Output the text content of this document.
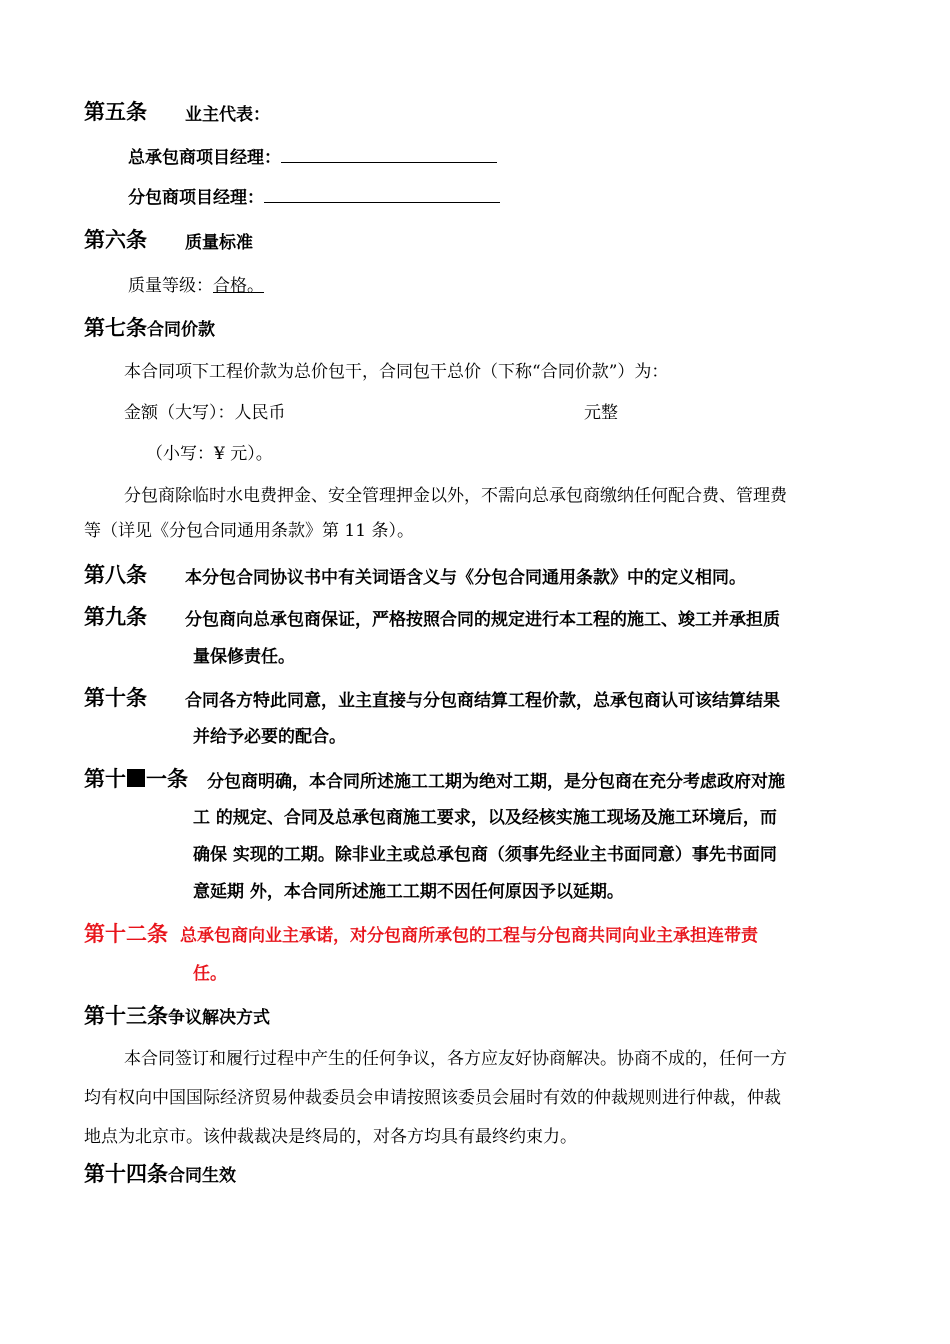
第五条 业主代表：
总承包商项目经理：
分包商项目经理：
第六条 质量标准
质量等级：合格。
第七条合同价款
本合同项下工程价款为总价包干，合同包干总价（下称“合同价款”）为：
金额（大写）：人民币	元整
（小写：¥ 元）。
分包商除临时水电费押金、安全管理押金以外，不需向总承包商缴纳任何配合费、管理费
等（详见《分包合同通用条款》第 11 条）。
第八条 本分包合同协议书中有关词语含义与《分包合同通用条款》中的定义相同。
第九条 分包商向总承包商保证，严格按照合同的规定进行本工程的施工、竣工并承担质
量保修责任。
第十条 合同各方特此同意，业主直接与分包商结算工程价款，总承包商认可该结算结果
并给予必要的配合。
第十 一条 分包商明确，本合同所述施工工期为绝对工期，是分包商在充分考虑政府对施
工 的规定、合同及总承包商施工要求，以及经核实施工现场及施工环境后，而
确保 实现的工期。除非业主或总承包商（须事先经业主书面同意）事先书面同
意延期 外，本合同所述施工工期不因任何原因予以延期。
第十二条 总承包商向业主承诺，对分包商所承包的工程与分包商共同向业主承担连带责
任。
第十三条争议解决方式
本合同签订和履行过程中产生的任何争议，各方应友好协商解决。协商不成的，任何一方
均有权向中国国际经济贸易仲裁委员会申请按照该委员会届时有效的仲裁规则进行仲裁，仲裁
地点为北京市。该仲裁裁决是终局的，对各方均具有最终约束力。
第十四条合同生效
